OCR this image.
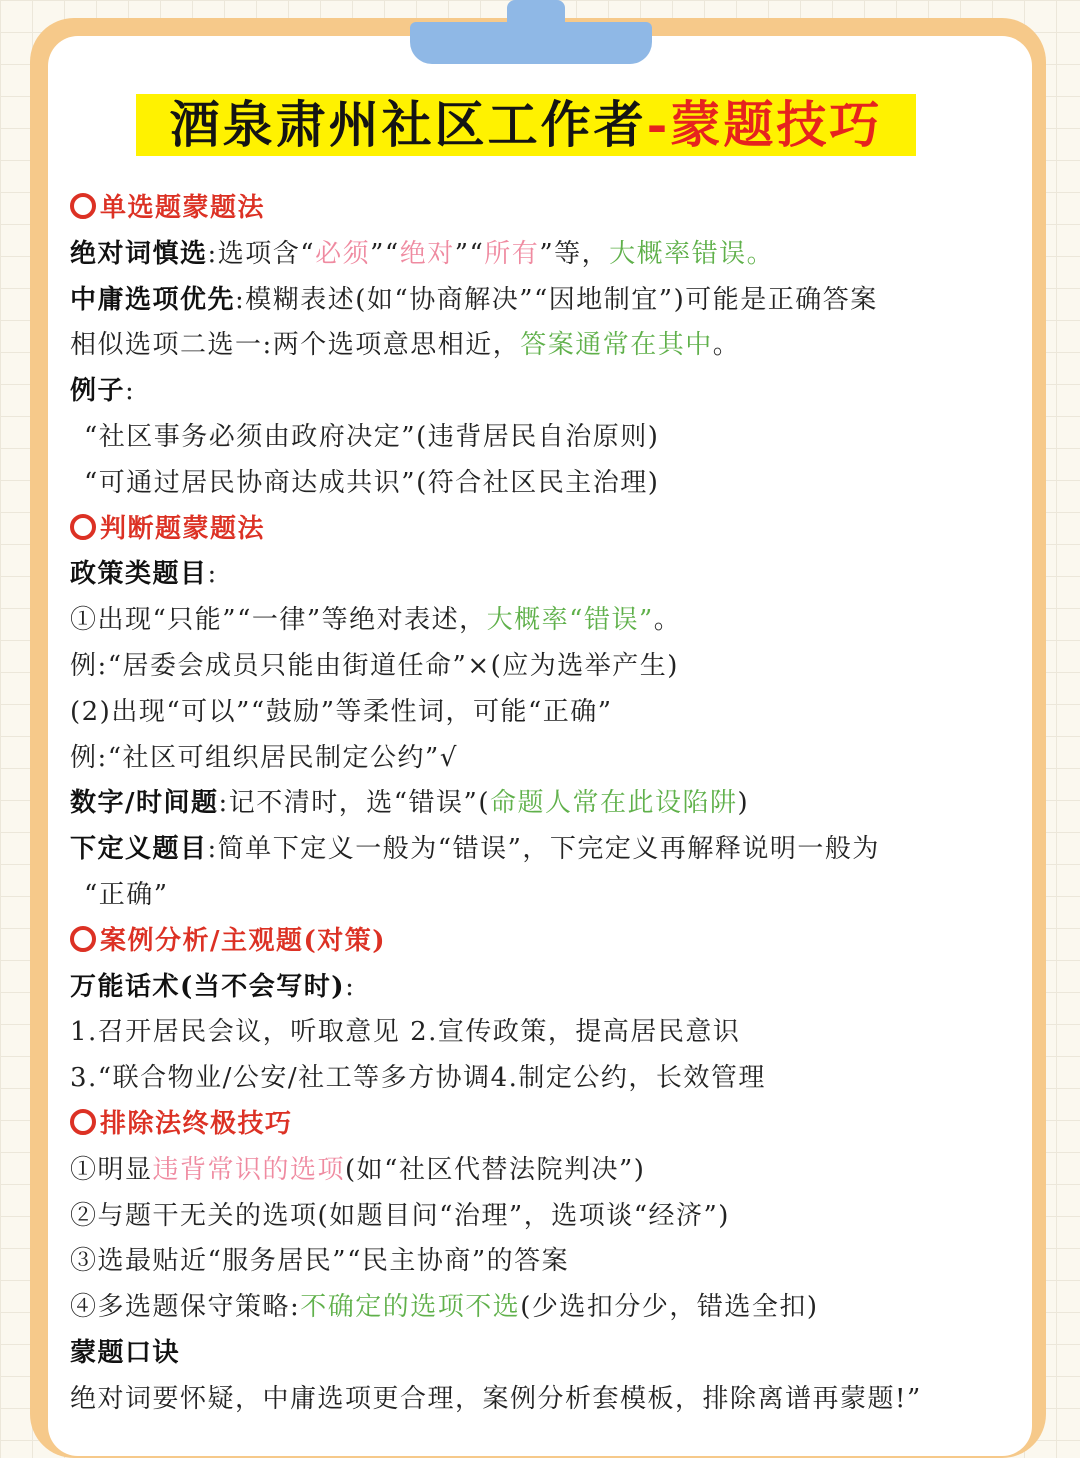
酒泉肃州社区工作者-蒙题技巧
单选题蒙题法
绝对词慎选:选项含“必须”“绝对”“所有”等，大概率错误。
中庸选项优先:模糊表述(如“协商解决”“因地制宜”)可能是正确答案
相似选项二选一:两个选项意思相近，答案通常在其中。
例子:
“社区事务必须由政府决定”(违背居民自治原则)
“可通过居民协商达成共识”(符合社区民主治理)
判断题蒙题法
政策类题目:
①出现“只能”“一律”等绝对表述，大概率“错误”。
例:“居委会成员只能由街道任命”×(应为选举产生)
(2)出现“可以”“鼓励”等柔性词，可能“正确”
例:“社区可组织居民制定公约”√
数字/时间题:记不清时，选“错误”(命题人常在此设陷阱)
下定义题目:简单下定义一般为“错误”，下完定义再解释说明一般为
“正确”
案例分析/主观题(对策)
万能话术(当不会写时):
1.召开居民会议，听取意见 2.宣传政策，提高居民意识
3.“联合物业/公安/社工等多方协调4.制定公约，长效管理
排除法终极技巧
①明显违背常识的选项(如“社区代替法院判决”)
②与题干无关的选项(如题目问“治理”，选项谈“经济”)
③选最贴近“服务居民”“民主协商”的答案
④多选题保守策略:不确定的选项不选(少选扣分少，错选全扣)
蒙题口诀
绝对词要怀疑，中庸选项更合理，案例分析套模板，排除离谱再蒙题!”
